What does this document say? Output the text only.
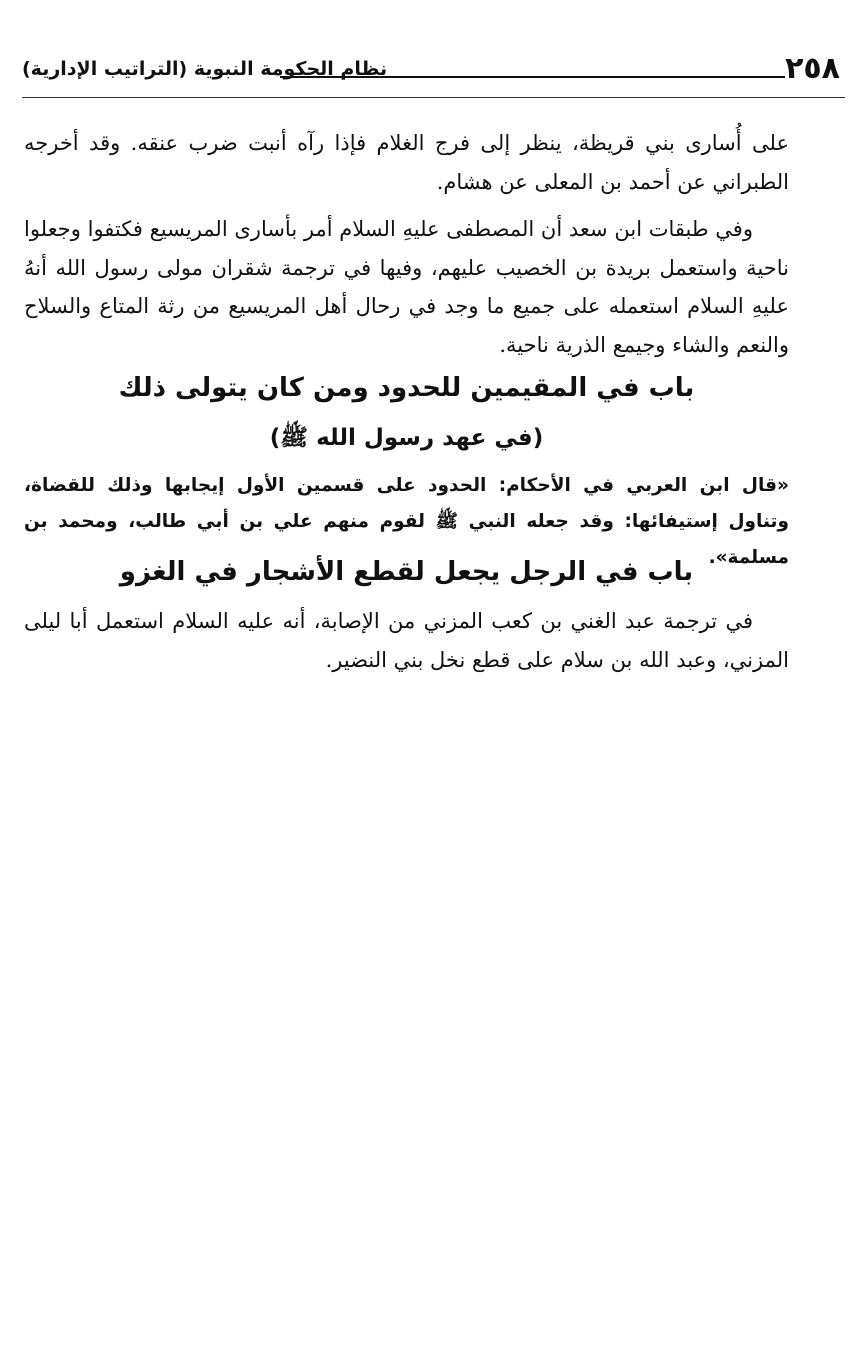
٢٥٨
نظام الحكومة النبوية (التراتيب الإدارية)

على أُسارى بني قريظة، ينظر إلى فرج الغلام فإذا رآه أنبت ضرب عنقه. وقد أخرجه الطبراني عن أحمد بن المعلى عن هشام.

وفي طبقات ابن سعد أن المصطفى عليهِ السلام أمر بأسارى المريسيع فكتفوا وجعلوا ناحية واستعمل بريدة بن الخصيب عليهم، وفيها في ترجمة شقران مولى رسول الله أنهُ عليهِ السلام استعمله على جميع ما وجد في رحال أهل المريسيع من رثة المتاع والسلاح والنعم والشاء وجيمع الذرية ناحية.

باب في المقيمين للحدود ومن كان يتولى ذلك
(في عهد رسول الله ﷺ)

«قال ابن العربي في الأحكام: الحدود على قسمين الأول إيجابها وذلك للقضاة، وتناول إستيفائها: وقد جعله النبي ﷺ لقوم منهم علي بن أبي طالب، ومحمد بن مسلمة».

باب في الرجل يجعل لقطع الأشجار في الغزو

في ترجمة عبد الغني بن كعب المزني من الإصابة، أنه عليه السلام استعمل أبا ليلى المزني، وعبد الله بن سلام على قطع نخل بني النضير.
